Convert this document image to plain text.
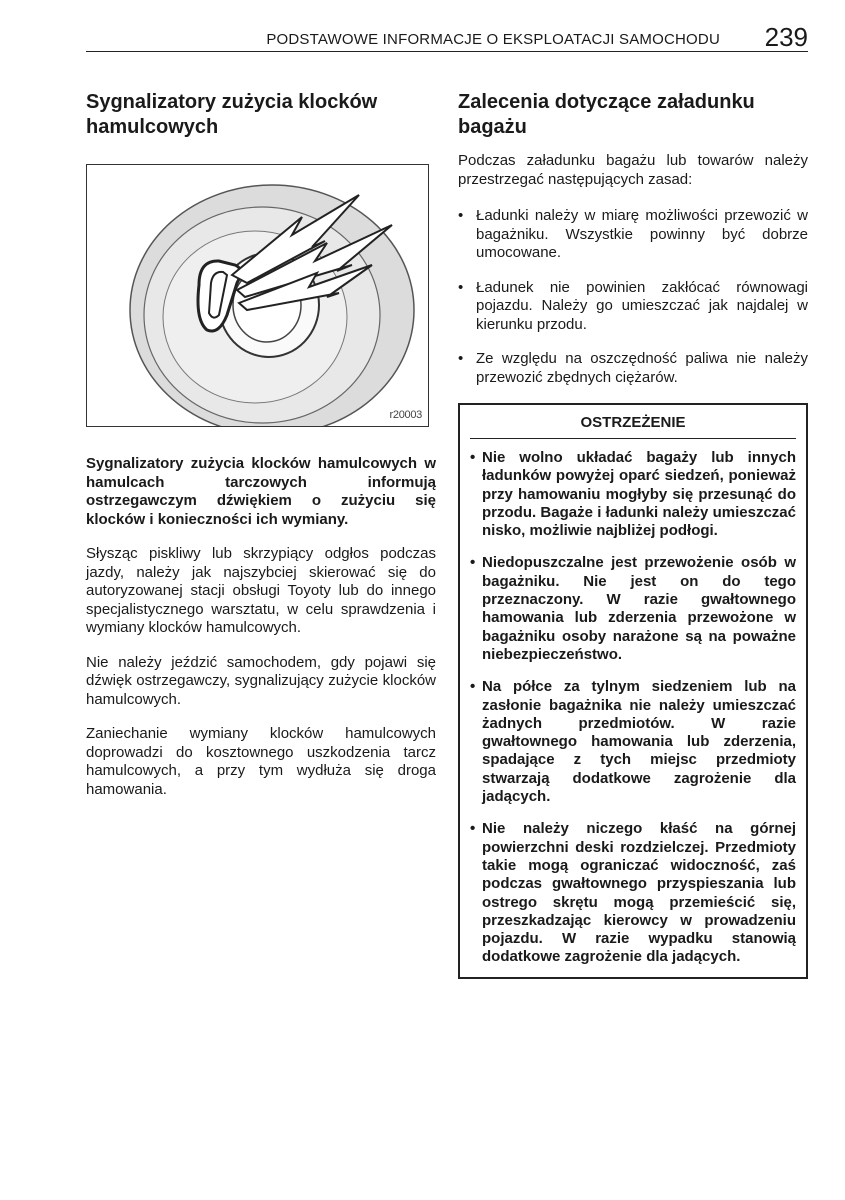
PODSTAWOWE INFORMACJE O EKSPLOATACJI SAMOCHODU 239
Sygnalizatory zużycia klocków hamulcowych
r20003

Sygnalizatory zużycia klocków hamulcowych w hamulcach tarczowych informują ostrzegawczym dźwiękiem o zużyciu się klocków i konieczności ich wymiany.

Słysząc piskliwy lub skrzypiący odgłos podczas jazdy, należy jak najszybciej skierować się do autoryzowanej stacji obsługi Toyoty lub do innego specjalistycznego warsztatu, w celu sprawdzenia i wymiany klocków hamulcowych.

Nie należy jeździć samochodem, gdy pojawi się dźwięk ostrzegawczy, sygnalizujący zużycie klocków hamulcowych.

Zaniechanie wymiany klocków hamulcowych doprowadzi do kosztownego uszkodzenia tarcz hamulcowych, a przy tym wydłuża się droga hamowania.

Zalecenia dotyczące załadunku bagażu

Podczas załadunku bagażu lub towarów należy przestrzegać następujących zasad:

• Ładunki należy w miarę możliwości przewozić w bagażniku. Wszystkie powinny być dobrze umocowane.
• Ładunek nie powinien zakłócać równowagi pojazdu. Należy go umieszczać jak najdalej w kierunku przodu.
• Ze względu na oszczędność paliwa nie należy przewozić zbędnych ciężarów.
OSTRZEŻENIE
• Nie wolno układać bagaży lub innych ładunków powyżej oparć siedzeń, ponieważ przy hamowaniu mogłyby się przesunąć do przodu. Bagaże i ładunki należy umieszczać nisko, możliwie najbliżej podłogi.
• Niedopuszczalne jest przewożenie osób w bagażniku. Nie jest on do tego przeznaczony. W razie gwałtownego hamowania lub zderzenia przewożone w bagażniku osoby narażone są na poważne niebezpieczeństwo.
• Na półce za tylnym siedzeniem lub na zasłonie bagażnika nie należy umieszczać żadnych przedmiotów. W razie gwałtownego hamowania lub zderzenia, spadające z tych miejsc przedmioty stwarzają dodatkowe zagrożenie dla jadących.
• Nie należy niczego kłaść na górnej powierzchni deski rozdzielczej. Przedmioty takie mogą ograniczać widoczność, zaś podczas gwałtownego przyspieszania lub ostrego skrętu mogą przemieścić się, przeszkadzając kierowcy w prowadzeniu pojazdu. W razie wypadku stanowią dodatkowe zagrożenie dla jadących.
